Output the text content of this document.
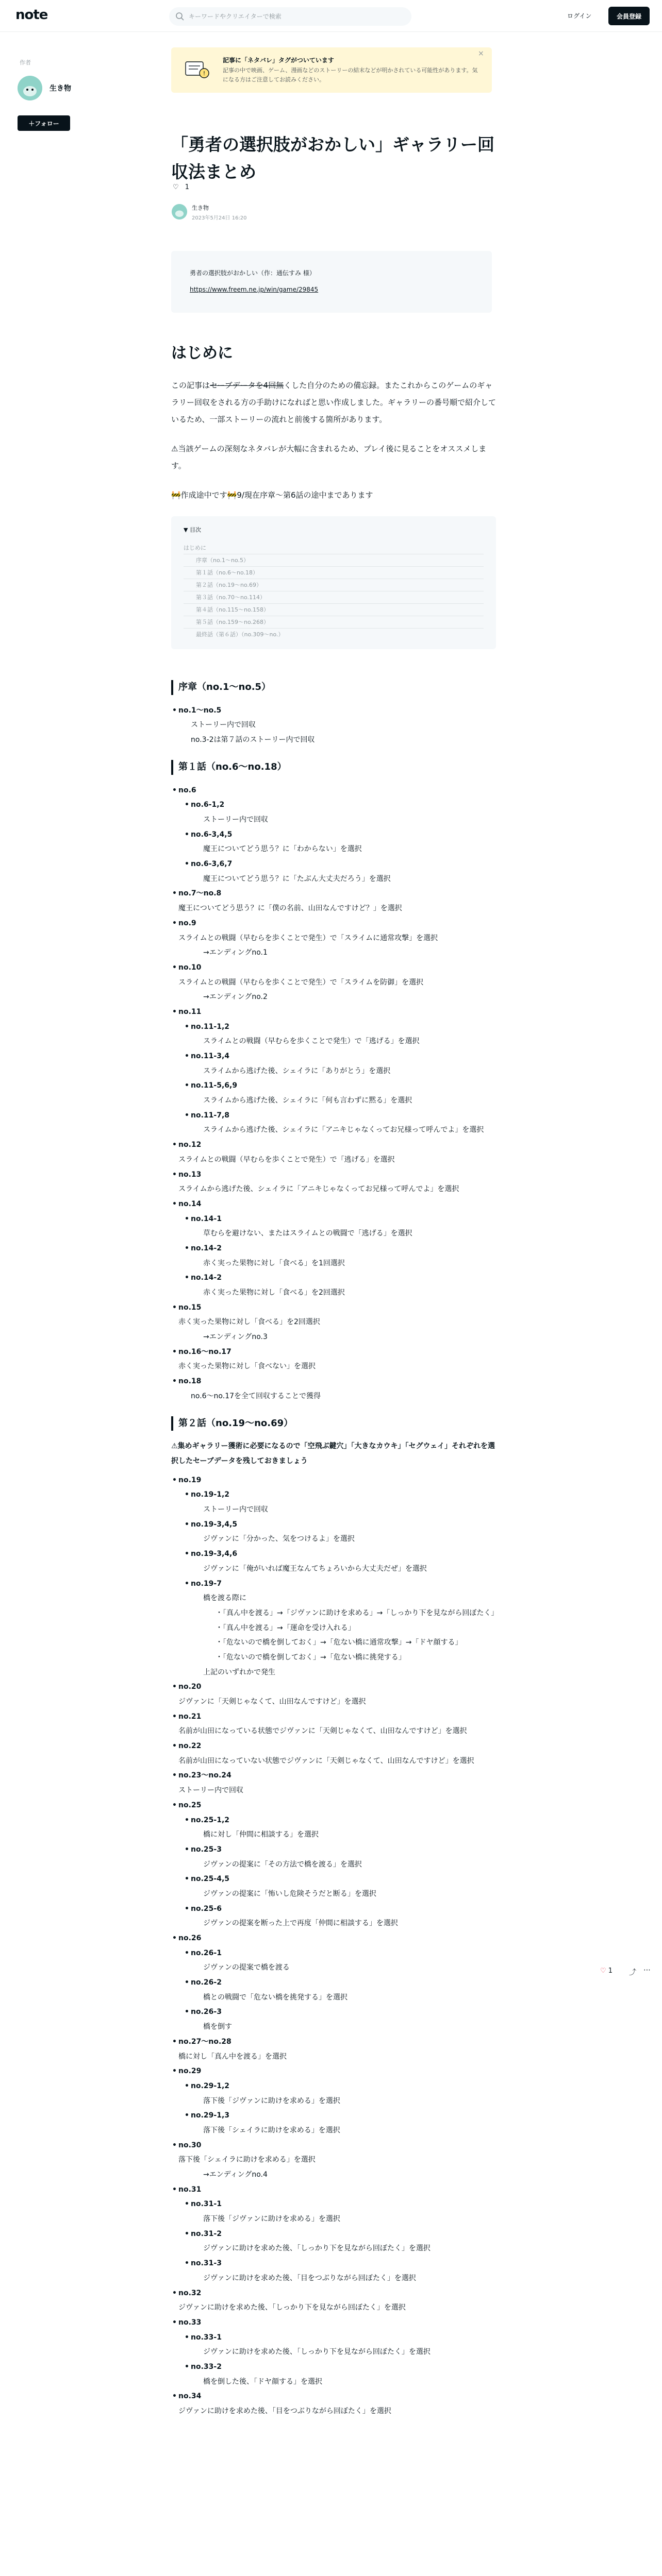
note
キーワードやクリエイターで検索	ログイン	会員登録
作者
生き物
＋フォロー
!
記事に「ネタバレ」タグがついています
記事の中で映画、ゲーム、漫画などのストーリーの結末などが明かされている可能性があります。気になる方はご注意してお読みください。
×
「勇者の選択肢がおかしい」ギャラリー回収法まとめ
♡ 1
生き物
2023年5月24日 16:20
勇者の選択肢がおかしい（作：通伝すみ 様）
https://www.freem.ne.jp/win/game/29845
はじめに

この記事はセーブデータを4回無くした自分のための備忘録。またこれからこのゲームのギャラリー回収をされる方の手助けになればと思い作成しました。ギャラリーの番号順で紹介しているため、一部ストーリーの流れと前後する箇所があります。

⚠当該ゲームの深刻なネタバレが大幅に含まれるため、プレイ後に見ることをオススメします。

🚧作成途中です🚧9/現在序章〜第6話の途中まであります

▼ 目次
はじめに
序章（no.1〜no.5）
第１話（no.6〜no.18）
第２話（no.19〜no.69）
第３話（no.70〜no.114）
第４話（no.115〜no.158）
第５話（no.159〜no.268）
最終話（第６話）（no.309〜no.）
序章（no.1〜no.5）
• no.1〜no.5
ストーリー内で回収
no.3-2は第７話のストーリー内で回収
第１話（no.6〜no.18）
• no.6
• no.6-1,2
ストーリー内で回収
• no.6-3,4,5
魔王についてどう思う？に「わからない」を選択
• no.6-3,6,7
魔王についてどう思う？に「たぶん大丈夫だろう」を選択
• no.7〜no.8
魔王についてどう思う？に「僕の名前、山田なんですけど？」を選択
• no.9
スライムとの戦闘（早むらを歩くことで発生）で「スライムに通常攻撃」を選択
→エンディングno.1
• no.10
スライムとの戦闘（早むらを歩くことで発生）で「スライムを防御」を選択
→エンディングno.2
• no.11
• no.11-1,2
スライムとの戦闘（早むらを歩くことで発生）で「逃げる」を選択
• no.11-3,4
スライムから逃げた後、シェイラに「ありがとう」を選択
• no.11-5,6,9
スライムから逃げた後、シェイラに「何も言わずに黙る」を選択
• no.11-7,8
スライムから逃げた後、シェイラに「アニキじゃなくってお兄様って呼んでよ」を選択
• no.12
スライムとの戦闘（早むらを歩くことで発生）で「逃げる」を選択
• no.13
スライムから逃げた後、シェイラに「アニキじゃなくってお兄様って呼んでよ」を選択
• no.14
• no.14-1
草むらを避けない、またはスライムとの戦闘で「逃げる」を選択
• no.14-2
赤く実った果物に対し「食べる」を1回選択
• no.14-2
赤く実った果物に対し「食べる」を2回選択
• no.15
赤く実った果物に対し「食べる」を2回選択
→エンディングno.3
• no.16〜no.17
赤く実った果物に対し「食べない」を選択
• no.18
no.6〜no.17を全て回収することで獲得
第２話（no.19〜no.69）
⚠集めギャラリー獲術に必要になるので「空飛ぶ鍵穴」「大きなカウキ」「セグウェイ」それぞれを選択したセーブデータを残しておきましょう
• no.19
• no.19-1,2
ストーリー内で回収
• no.19-3,4,5
ジヴァンに「分かった、気をつけるよ」を選択
• no.19-3,4,6
ジヴァンに「俺がいれば魔王なんてちょろいから大丈夫だぜ」を選択
• no.19-7
橋を渡る際に
・「真ん中を渡る」→「ジヴァンに助けを求める」→「しっかり下を見ながら回ぼたく」
・「真ん中を渡る」→「運命を受け入れる」
・「危ないので橋を倒しておく」→「危ない橋に通常攻撃」→「ドヤ顔する」
・「危ないので橋を倒しておく」→「危ない橋に挑発する」
上記のいずれかで発生
• no.20
ジヴァンに「天剣じゃなくて、山田なんですけど」を選択
• no.21
名前が山田になっている状態でジヴァンに「天剣じゃなくて、山田なんですけど」を選択
• no.22
名前が山田になっていない状態でジヴァンに「天剣じゃなくて、山田なんですけど」を選択
• no.23〜no.24
ストーリー内で回収
• no.25
• no.25-1,2
橋に対し「仲間に相談する」を選択
• no.25-3
ジヴァンの提案に「その方法で橋を渡る」を選択
• no.25-4,5
ジヴァンの提案に「怖いし危険そうだと断る」を選択
• no.25-6
ジヴァンの提案を断った上で再度「仲間に相談する」を選択
• no.26
• no.26-1
ジヴァンの提案で橋を渡る
• no.26-2
橋との戦闘で「危ない橋を挑発する」を選択
• no.26-3
橋を倒す
• no.27〜no.28
橋に対し「真ん中を渡る」を選択
• no.29
• no.29-1,2
落下後「ジヴァンに助けを求める」を選択
• no.29-1,3
落下後「シェイラに助けを求める」を選択
• no.30
落下後「シェイラに助けを求める」を選択
→エンディングno.4
• no.31
• no.31-1
落下後「ジヴァンに助けを求める」を選択
• no.31-2
ジヴァンに助けを求めた後、「しっかり下を見ながら回ぼたく」を選択
• no.31-3
ジヴァンに助けを求めた後、「目をつぶりながら回ぼたく」を選択
• no.32
ジヴァンに助けを求めた後、「しっかり下を見ながら回ぼたく」を選択
• no.33
• no.33-1
ジヴァンに助けを求めた後、「しっかり下を見ながら回ぼたく」を選択
• no.33-2
橋を倒した後、「ドヤ顔する」を選択
• no.34
ジヴァンに助けを求めた後、「目をつぶりながら回ぼたく」を選択
♡ 1 ⤴ ⋯
